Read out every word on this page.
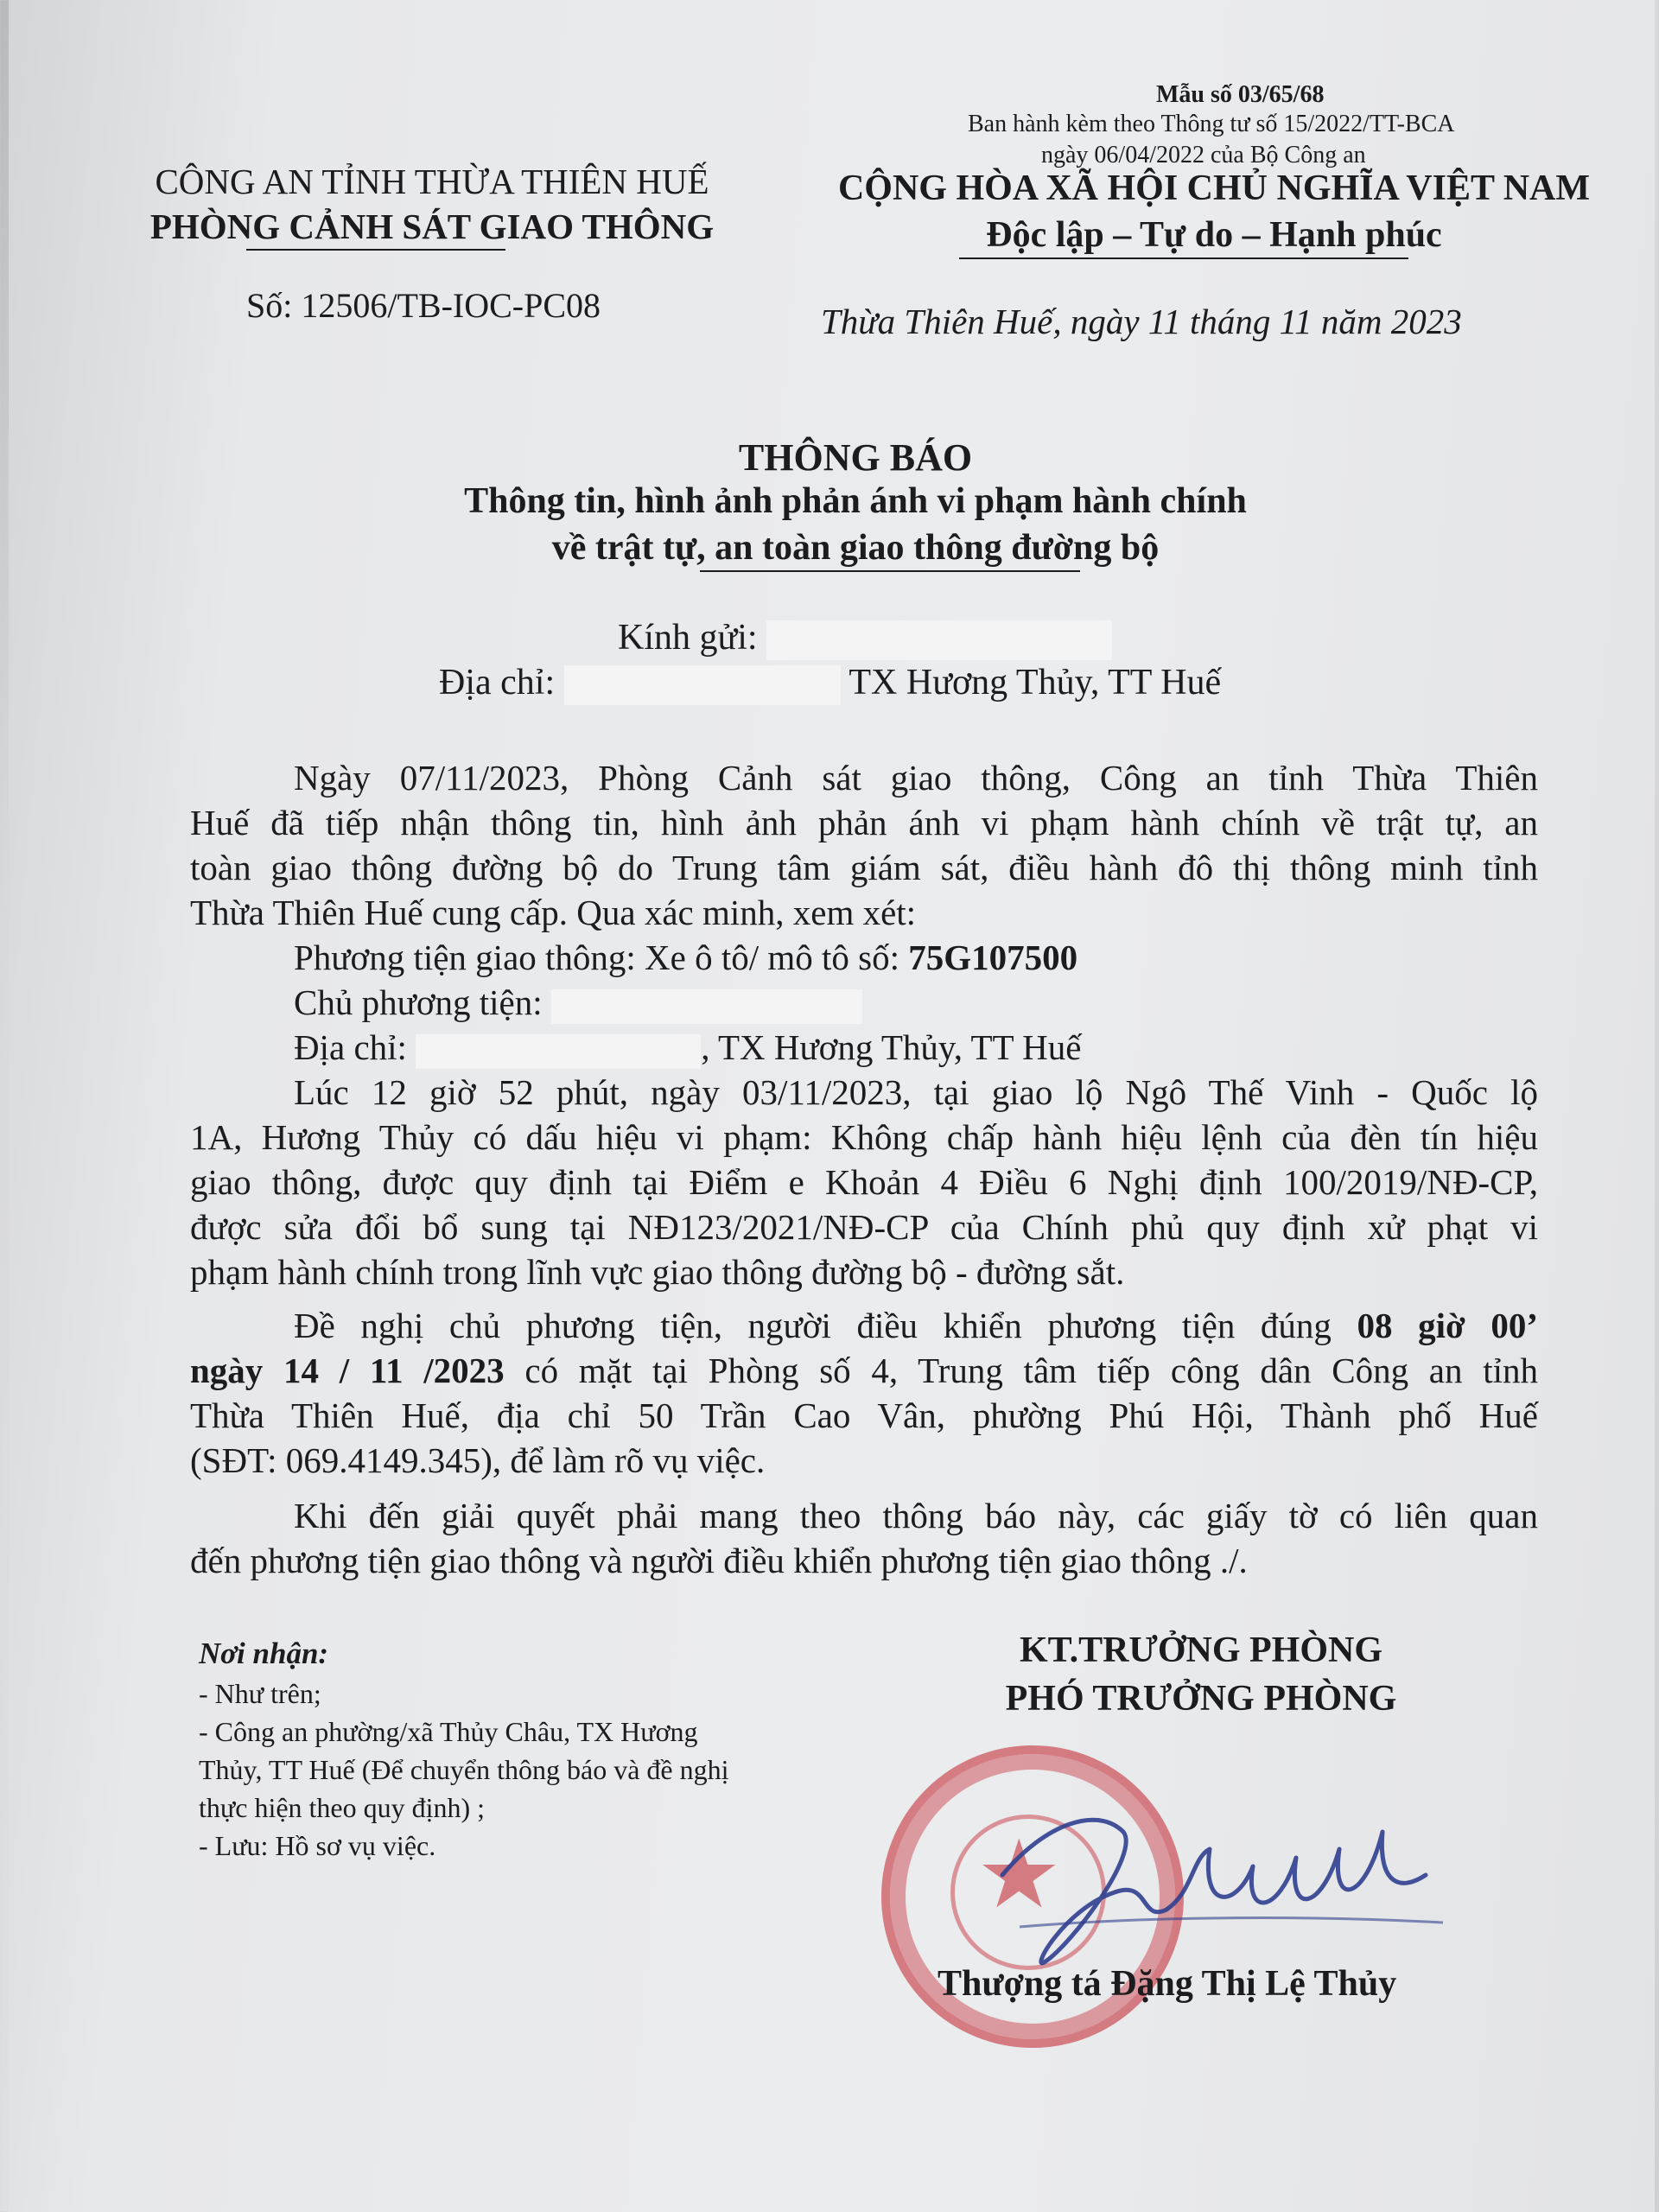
Mẫu số 03/65/68
Ban hành kèm theo Thông tư số 15/2022/TT-BCA
ngày 06/04/2022 của Bộ Công an
CÔNG AN TỈNH THỪA THIÊN HUẾ
PHÒNG CẢNH SÁT GIAO THÔNG
Số: 12506/TB-IOC-PC08
CỘNG HÒA XÃ HỘI CHỦ NGHĨA VIỆT NAM
Độc lập – Tự do – Hạnh phúc
Thừa Thiên Huế, ngày 11 tháng 11 năm 2023
THÔNG BÁO
Thông tin, hình ảnh phản ánh vi phạm hành chính
về trật tự, an toàn giao thông đường bộ
Kính gửi:
Địa chỉ:	TX Hương Thủy, TT Huế
Ngày 07/11/2023, Phòng Cảnh sát giao thông, Công an tỉnh Thừa Thiên
Huế đã tiếp nhận thông tin, hình ảnh phản ánh vi phạm hành chính về trật tự, an
toàn giao thông đường bộ do Trung tâm giám sát, điều hành đô thị thông minh tỉnh
Thừa Thiên Huế cung cấp. Qua xác minh, xem xét:
Phương tiện giao thông: Xe ô tô/ mô tô số: 75G107500
Chủ phương tiện:
Địa chỉ:	, TX Hương Thủy, TT Huế
Lúc 12 giờ 52 phút, ngày 03/11/2023, tại giao lộ Ngô Thế Vinh - Quốc lộ
1A, Hương Thủy có dấu hiệu vi phạm: Không chấp hành hiệu lệnh của đèn tín hiệu
giao thông, được quy định tại Điểm e Khoản 4 Điều 6 Nghị định 100/2019/NĐ-CP,
được sửa đổi bổ sung tại NĐ123/2021/NĐ-CP của Chính phủ quy định xử phạt vi
phạm hành chính trong lĩnh vực giao thông đường bộ - đường sắt.
Đề nghị chủ phương tiện, người điều khiển phương tiện đúng 08 giờ 00’
ngày 14 / 11 /2023 có mặt tại Phòng số 4, Trung tâm tiếp công dân Công an tỉnh
Thừa Thiên Huế, địa chỉ 50 Trần Cao Vân, phường Phú Hội, Thành phố Huế
(SĐT: 069.4149.345), để làm rõ vụ việc.
Khi đến giải quyết phải mang theo thông báo này, các giấy tờ có liên quan
đến phương tiện giao thông và người điều khiển phương tiện giao thông ./.
Nơi nhận:
- Như trên;
- Công an phường/xã Thủy Châu, TX Hương
Thủy, TT Huế (Để chuyển thông báo và đề nghị
thực hiện theo quy định) ;
- Lưu: Hồ sơ vụ việc.
KT.TRƯỞNG PHÒNG
PHÓ TRƯỞNG PHÒNG
★
Thượng tá Đặng Thị Lệ Thủy
